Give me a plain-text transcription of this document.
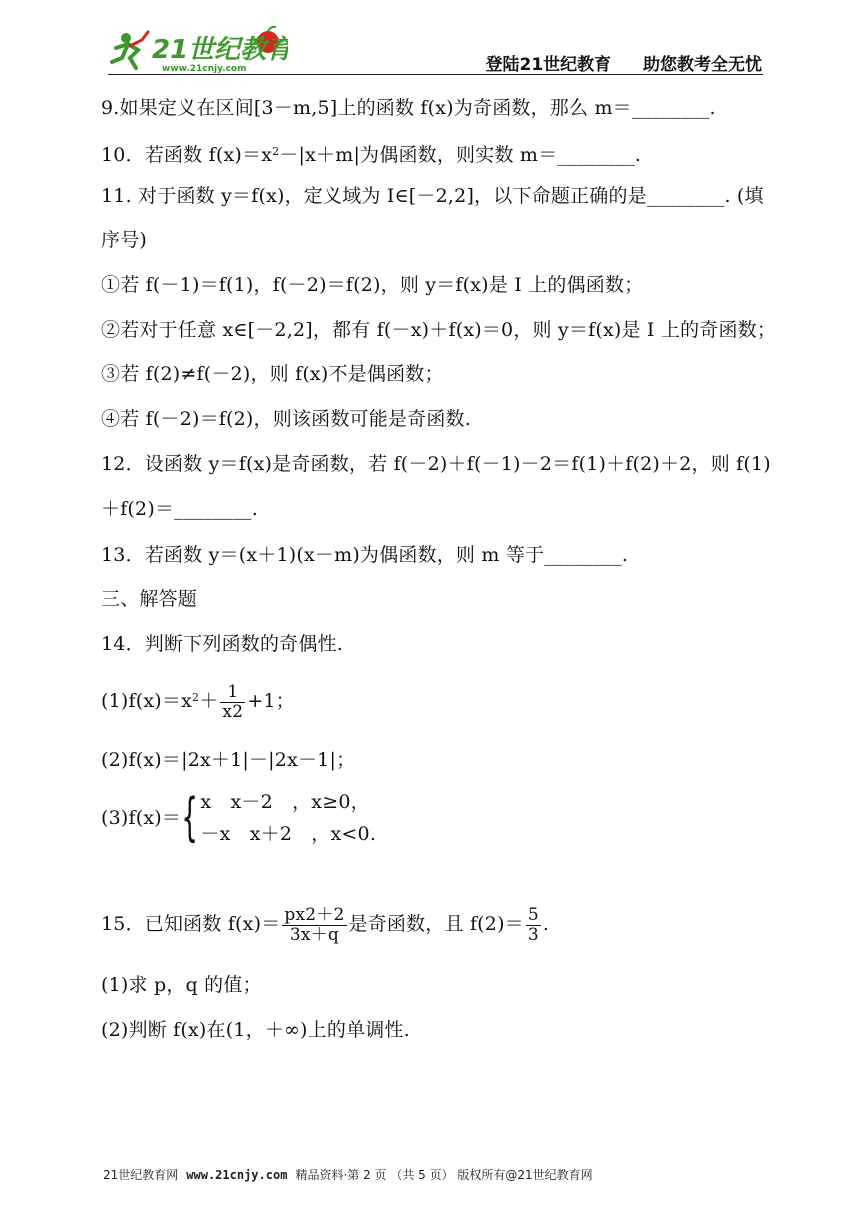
21世纪教育
www.21cnjy.com	登陆21世纪教育 助您教考全无忧
9.如果定义在区间[3－m,5]上的函数 f(x)为奇函数，那么 m＝________.
10．若函数 $f(x)=x^2-|x+m|$为偶函数，则实数 m＝________.
11. 对于函数 y＝f(x)，定义域为 I∈[－2,2]，以下命题正确的是________. (填
序号)
①若 f(－1)＝f(1)，f(－2)＝f(2)，则 y＝f(x)是 I 上的偶函数；
②若对于任意 x∈[－2,2]，都有 f(－x)＋f(x)＝0，则 y＝f(x)是 I 上的奇函数；
③若 f(2)≠f(－2)，则 f(x)不是偶函数；
④若 f(－2)＝f(2)，则该函数可能是奇函数.
12．设函数 y＝f(x)是奇函数，若 f(－2)＋f(－1)－2＝f(1)＋f(2)＋2，则 f(1)
＋f(2)＝________.
13．若函数 y＝(x＋1)(x－m)为偶函数，则 m 等于________.
三、解答题
14．判断下列函数的奇偶性.
$(1)f(x)=x^2+ \frac{1}{x2} +1$；
(2)f(x)＝|2x＋1|－|2x－1|；
(3)f(x)＝{ x　x－2　，x≥0，
－x　x＋2　，x<0.
15．已知函数 $f(x)= \frac{px2+2}{3x+q}$ 是奇函数，且 $f(2)= \frac{5}{3}$ .
(1)求 p，q 的值；
(2)判断 f(x)在(1，＋∞)上的单调性.
21世纪教育网 www.21cnjy.com 精品资料·第 2 页 （共 5 页） 版权所有@21世纪教育网
